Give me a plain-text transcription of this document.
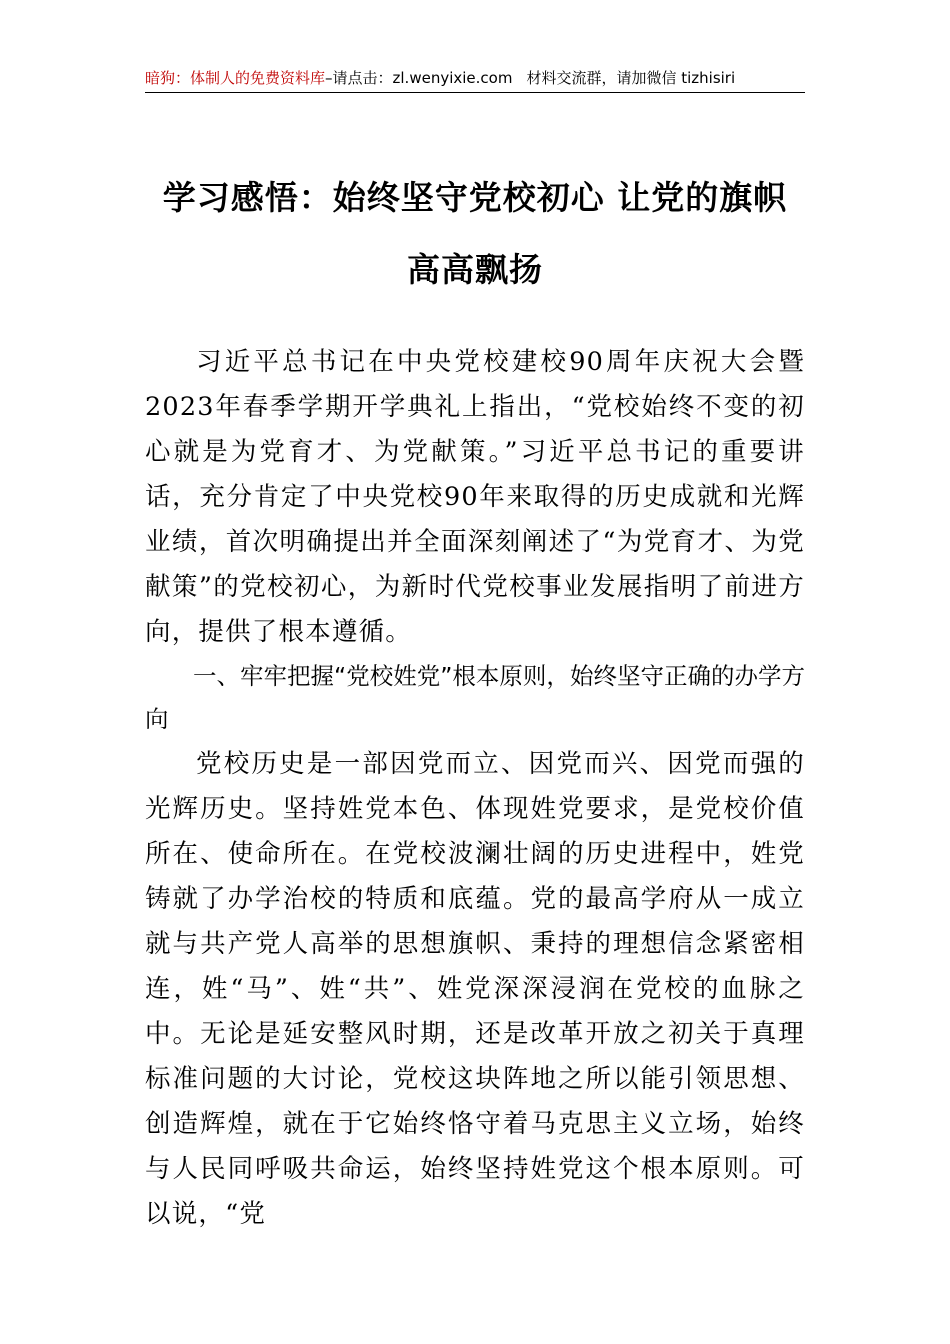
暗狗：体制人的免费资料库–请点击：zl.wenyixie.com 材料交流群，请加微信 tizhisiri
学习感悟：始终坚守党校初心 让党的旗帜
高高飘扬
习近平总书记在中央党校建校90周年庆祝大会暨2023年春季学期开学典礼上指出，“党校始终不变的初心就是为党育才、为党献策。”习近平总书记的重要讲话，充分肯定了中央党校90年来取得的历史成就和光辉业绩，首次明确提出并全面深刻阐述了“为党育才、为党献策”的党校初心，为新时代党校事业发展指明了前进方向，提供了根本遵循。
一、牢牢把握“党校姓党”根本原则，始终坚守正确的办学方向
党校历史是一部因党而立、因党而兴、因党而强的光辉历史。坚持姓党本色、体现姓党要求，是党校价值所在、使命所在。在党校波澜壮阔的历史进程中，姓党铸就了办学治校的特质和底蕴。党的最高学府从一成立就与共产党人高举的思想旗帜、秉持的理想信念紧密相连，姓“马”、姓“共”、姓党深深浸润在党校的血脉之中。无论是延安整风时期，还是改革开放之初关于真理标准问题的大讨论，党校这块阵地之所以能引领思想、创造辉煌，就在于它始终恪守着马克思主义立场，始终与人民同呼吸共命运，始终坚持姓党这个根本原则。可以说，“党
